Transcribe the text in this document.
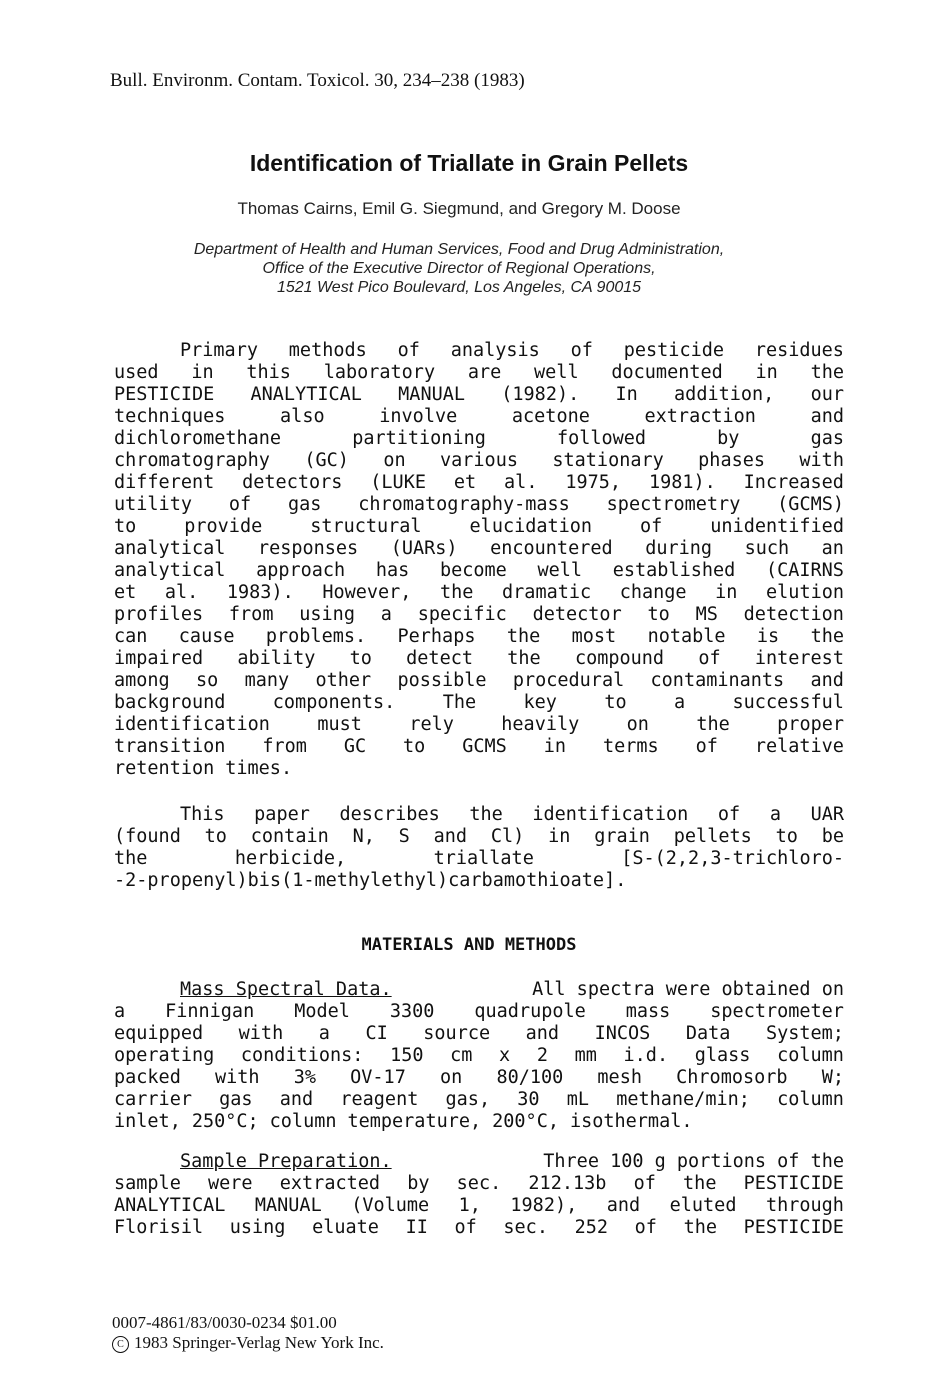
Bull. Environm. Contam. Toxicol. 30, 234–238 (1983)
Identification of Triallate in Grain Pellets
Thomas Cairns, Emil G. Siegmund, and Gregory M. Doose
Department of Health and Human Services, Food and Drug Administration,
Office of the Executive Director of Regional Operations,
1521 West Pico Boulevard, Los Angeles, CA 90015
Primary methods of analysis of pesticide residues
used in this laboratory are well documented in the
PESTICIDE ANALYTICAL MANUAL (1982). In addition, our
techniques	also	involve	acetone	extraction	and
dichloromethane	partitioning	followed	by	gas
chromatography (GC) on various stationary phases with
different detectors (LUKE et al. 1975, 1981). Increased
utility of gas chromatography-mass spectrometry (GCMS)
to	provide	structural	elucidation	of	unidentified
analytical responses (UARs) encountered during such an
analytical approach has become well established (CAIRNS
et al. 1983). However, the dramatic change in elution
profiles from using a specific detector to MS detection
can cause problems. Perhaps the most notable is the
impaired ability to detect the compound of interest
among so many other possible procedural contaminants and
background	components.	The	key	to	a	successful
identification	must	rely	heavily	on	the	proper
transition from GC to GCMS in terms of relative
retention times.
This paper describes the identification of a UAR
(found to contain N, S and Cl) in grain pellets to be
the	herbicide,	triallate	[S-(2,2,3-trichloro-
-2-propenyl)bis(1-methylethyl)carbamothioate].
MATERIALS AND METHODS
Mass Spectral Data.	All spectra were obtained on
a Finnigan Model 3300 quadrupole mass spectrometer
equipped with a CI source and INCOS Data System;
operating conditions: 150 cm x 2 mm i.d. glass column
packed with 3% OV-17 on 80/100 mesh Chromosorb W;
carrier gas and reagent gas, 30 mL methane/min; column
inlet, 250°C; column temperature, 200°C, isothermal.
Sample Preparation.	Three 100 g portions of the
sample were extracted by sec. 212.13b of the PESTICIDE
ANALYTICAL MANUAL (Volume 1, 1982), and eluted through
Florisil using eluate II of sec. 252 of the PESTICIDE
0007-4861/83/0030-0234 $01.00
C 1983 Springer-Verlag New York Inc.
